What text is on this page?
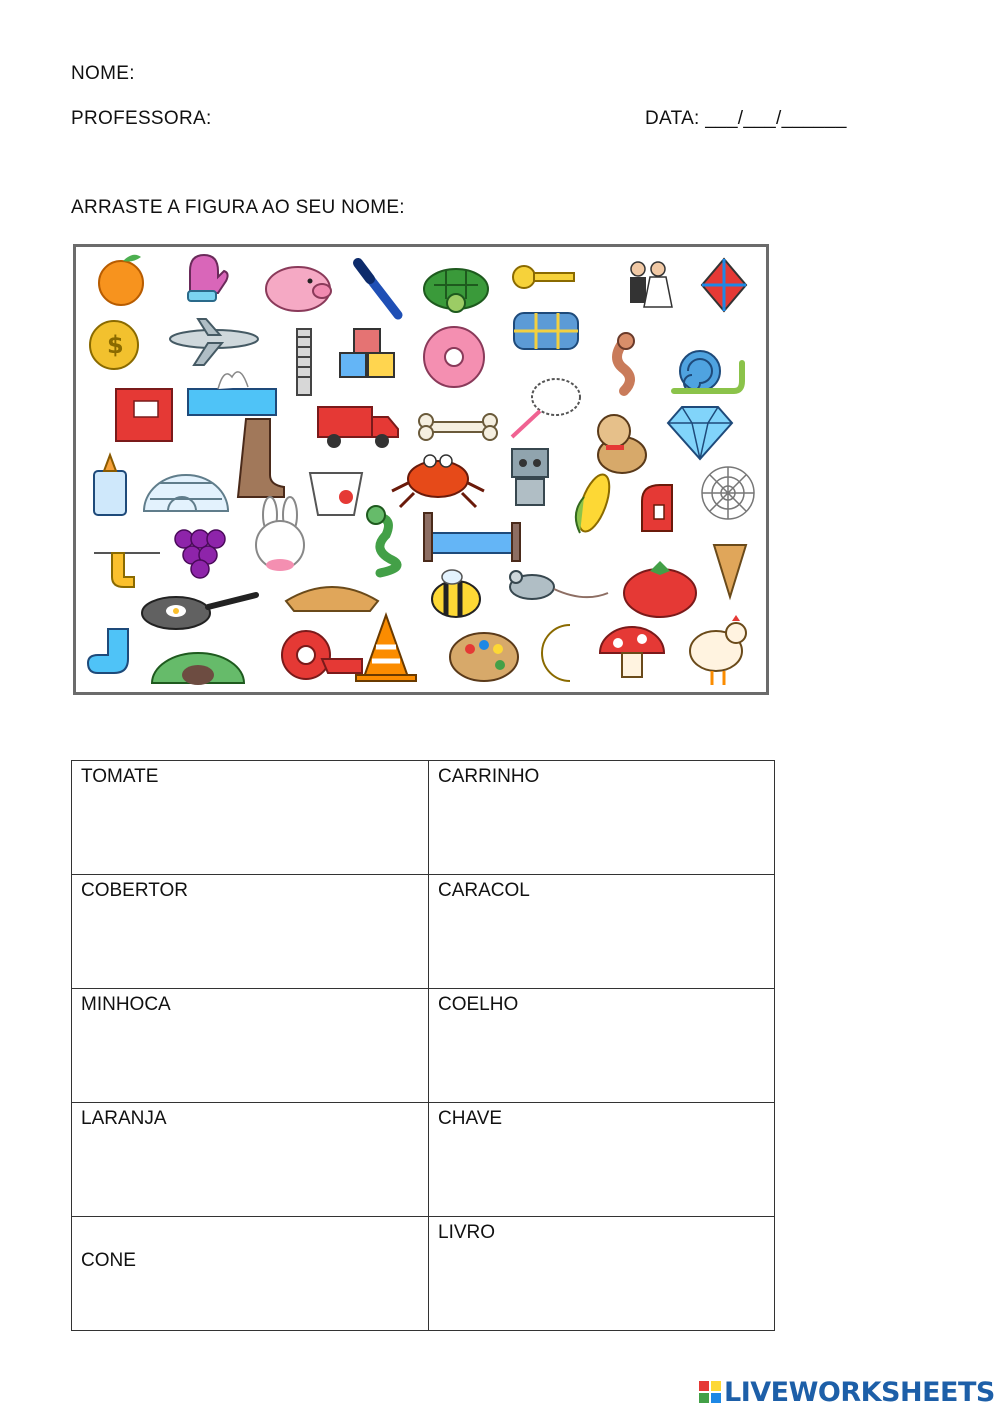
NOME:
PROFESSORA:	DATA: ___/___/______
ARRASTE A FIGURA AO SEU NOME:
$
TOMATE	CARRINHO

COBERTOR	CARACOL

MINHOCA	COELHO

LARANJA	CHAVE

CONE	LIVRO
LIVEWORKSHEETS
